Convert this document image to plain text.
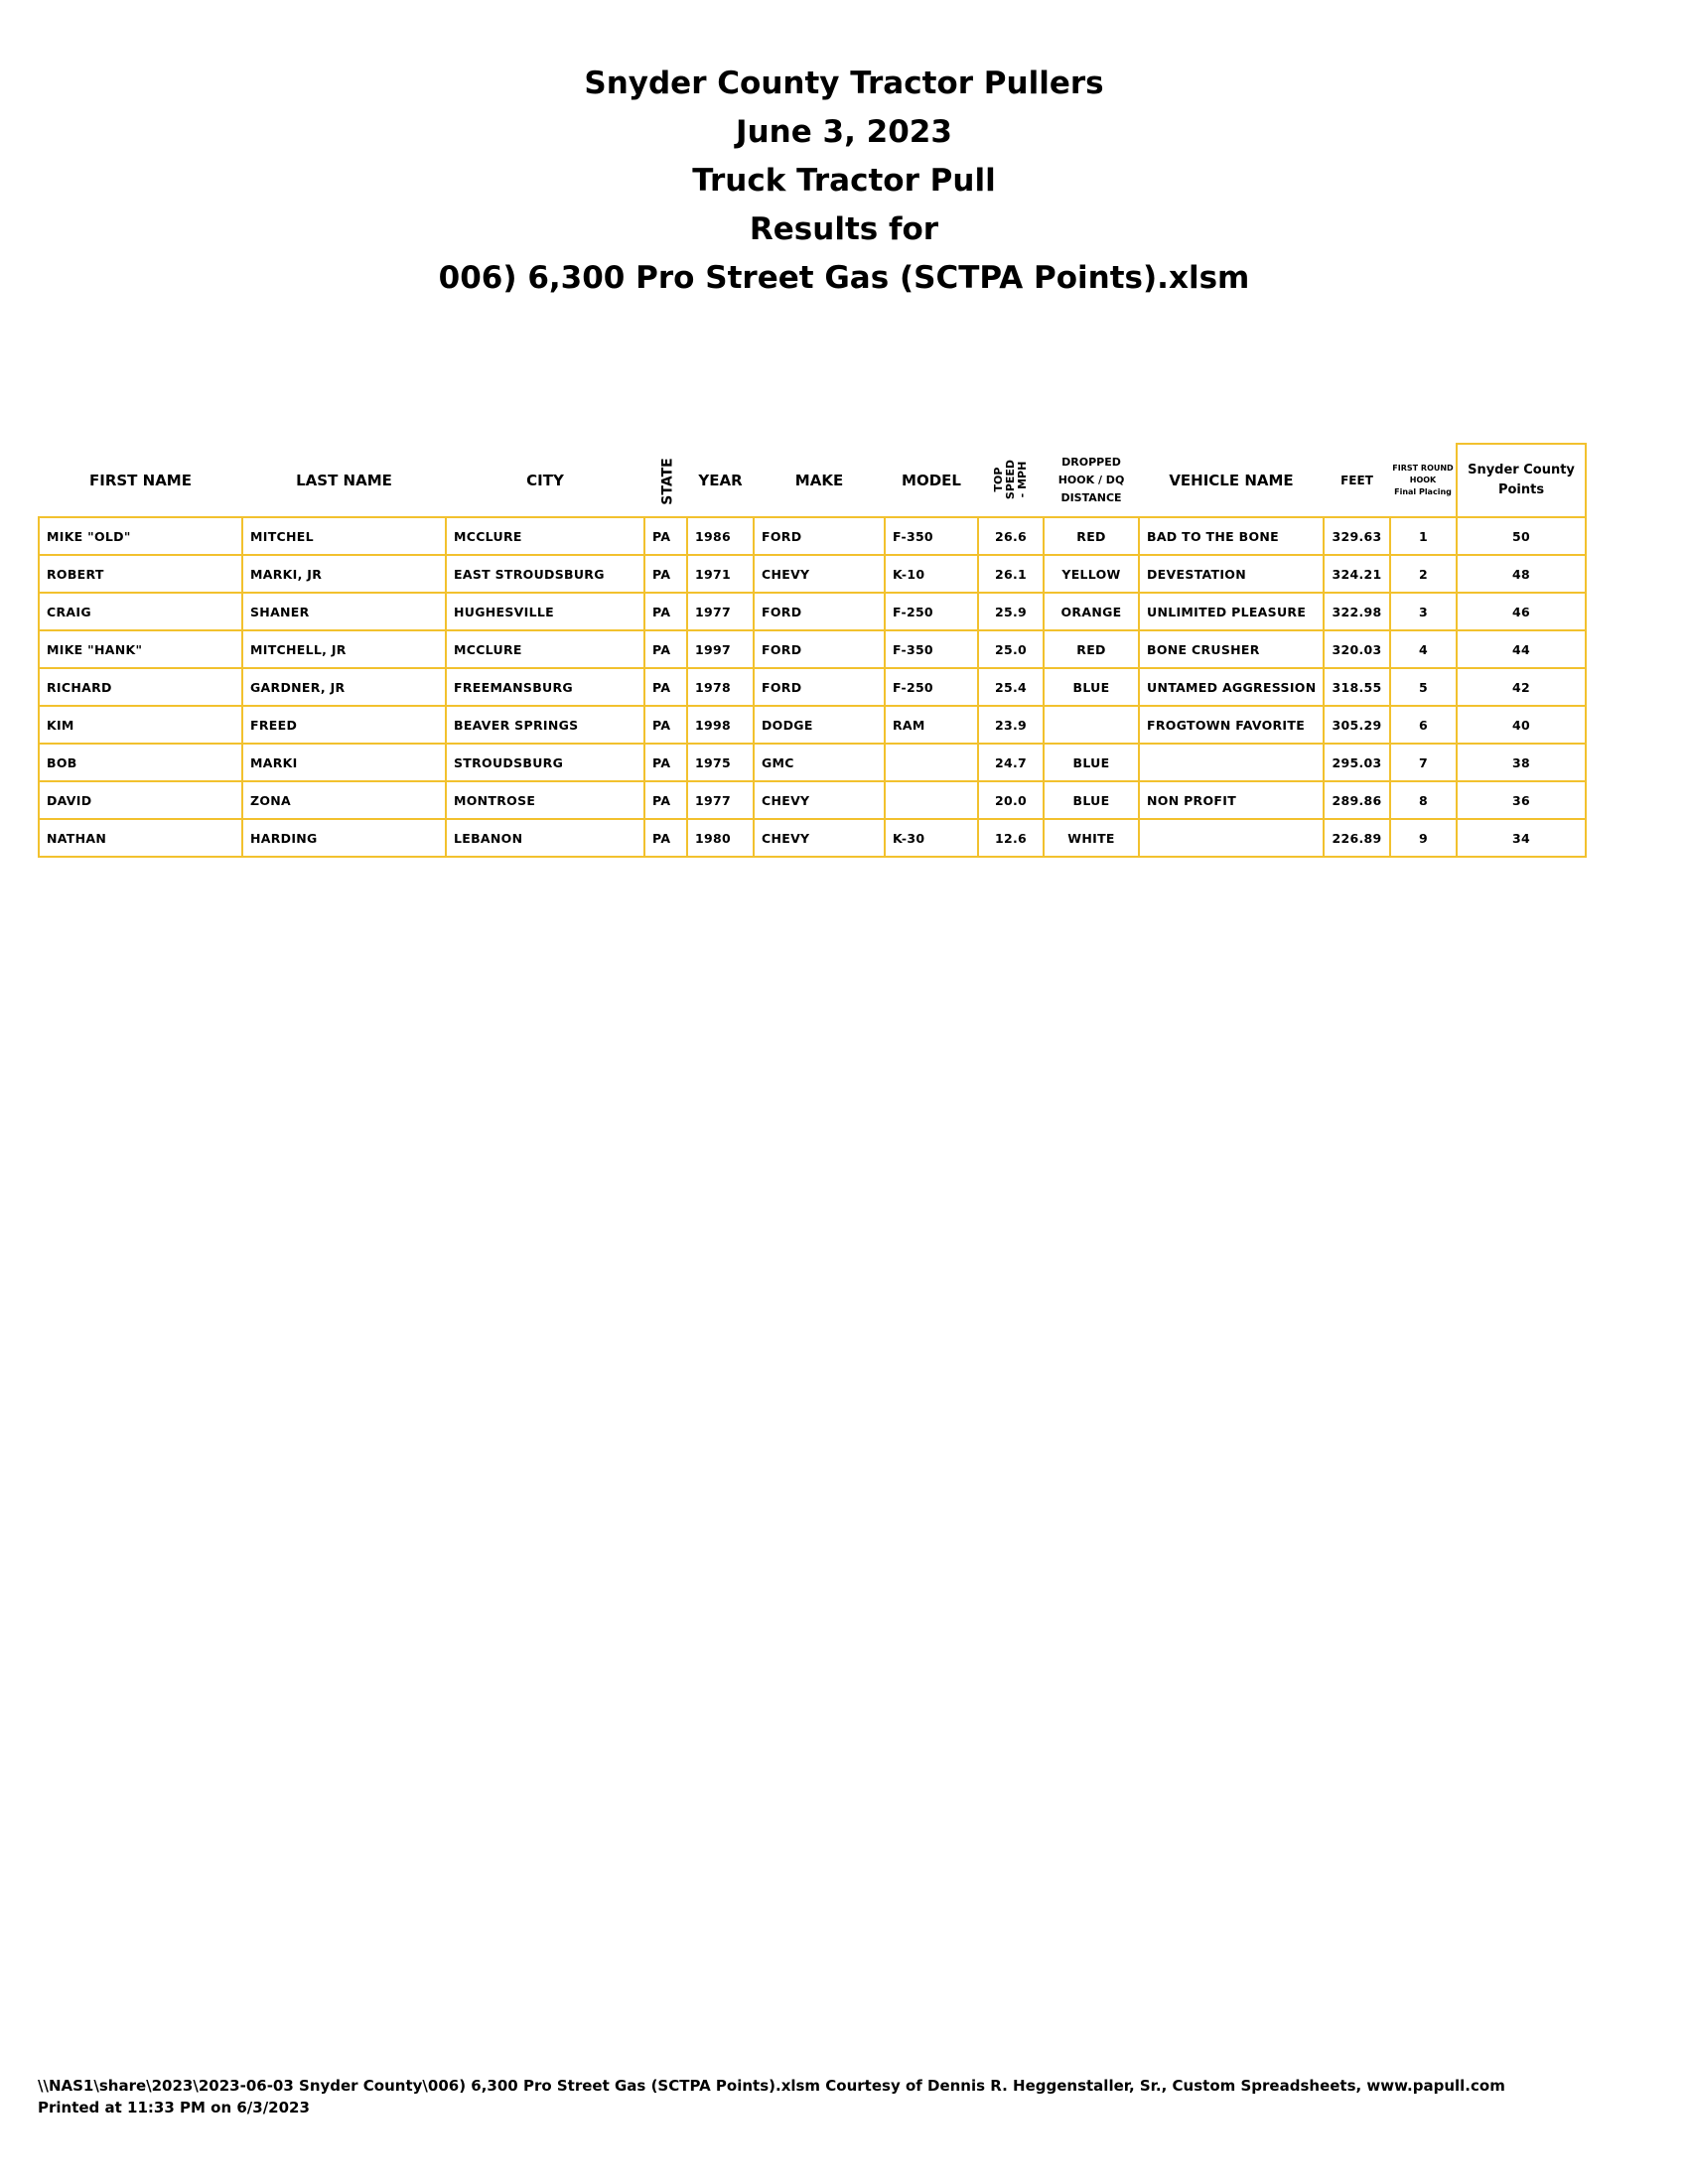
Snyder County Tractor Pullers

June 3, 2023

Truck Tractor Pull

Results for

006) 6,300 Pro Street Gas (SCTPA Points).xlsm

FIRST NAME	LAST NAME	CITY	STATE	YEAR	MAKE	MODEL	TOP
SPEED
- MPH	DROPPED
HOOK / DQ
DISTANCE	VEHICLE NAME	FEET	FIRST ROUND
HOOK
Final Placing	Snyder County
Points
MIKE "OLD"	MITCHEL	MCCLURE	PA	1986	FORD	F-350	26.6	RED	BAD TO THE BONE	329.63	1	50
ROBERT	MARKI, JR	EAST STROUDSBURG	PA	1971	CHEVY	K-10	26.1	YELLOW	DEVESTATION	324.21	2	48
CRAIG	SHANER	HUGHESVILLE	PA	1977	FORD	F-250	25.9	ORANGE	UNLIMITED PLEASURE	322.98	3	46
MIKE "HANK"	MITCHELL, JR	MCCLURE	PA	1997	FORD	F-350	25.0	RED	BONE CRUSHER	320.03	4	44
RICHARD	GARDNER, JR	FREEMANSBURG	PA	1978	FORD	F-250	25.4	BLUE	UNTAMED AGGRESSION	318.55	5	42
KIM	FREED	BEAVER SPRINGS	PA	1998	DODGE	RAM	23.9		FROGTOWN FAVORITE	305.29	6	40
BOB	MARKI	STROUDSBURG	PA	1975	GMC		24.7	BLUE		295.03	7	38
DAVID	ZONA	MONTROSE	PA	1977	CHEVY		20.0	BLUE	NON PROFIT	289.86	8	36
NATHAN	HARDING	LEBANON	PA	1980	CHEVY	K-30	12.6	WHITE		226.89	9	34
\\NAS1\share\2023\2023-06-03 Snyder County\006) 6,300 Pro Street Gas (SCTPA Points).xlsm Courtesy of Dennis R. Heggenstaller, Sr., Custom Spreadsheets, www.papull.com
Printed at 11:33 PM on 6/3/2023
